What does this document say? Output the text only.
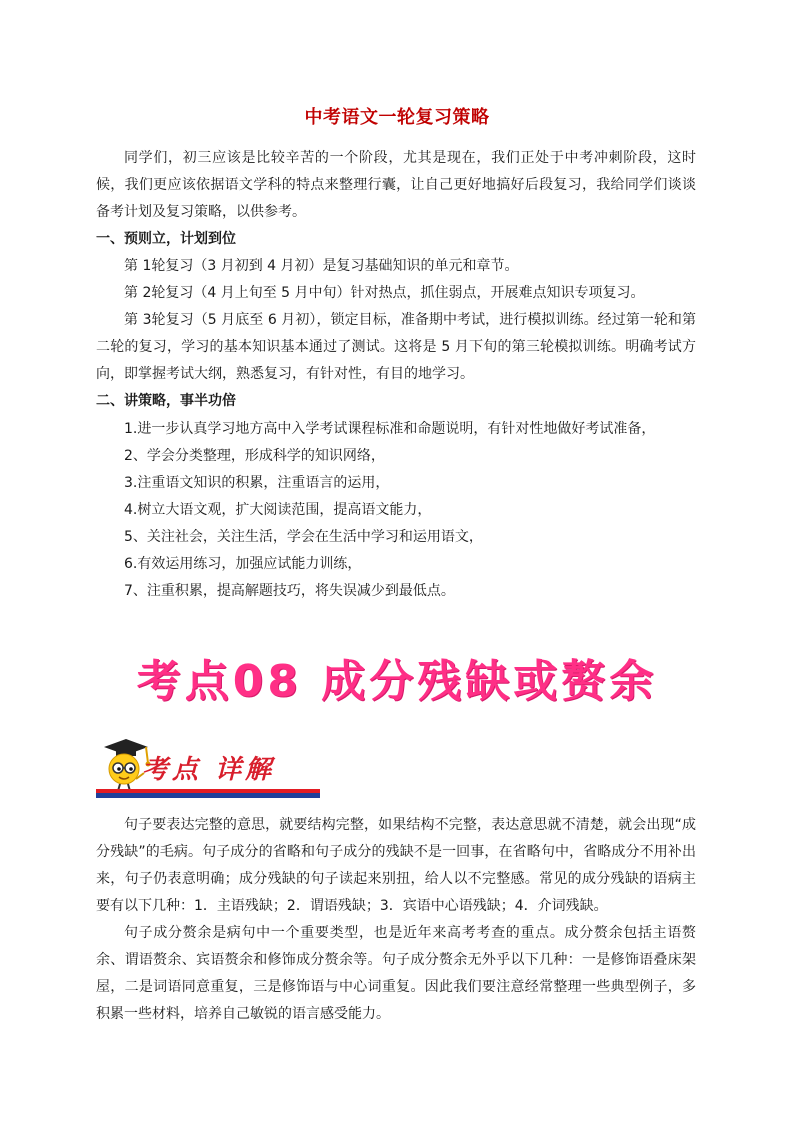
中考语文一轮复习策略

同学们，初三应该是比较辛苦的一个阶段，尤其是现在，我们正处于中考冲刺阶段，这时候，我们更应该依据语文学科的特点来整理行囊，让自己更好地搞好后段复习，我给同学们谈谈备考计划及复习策略，以供参考。

一、预则立，计划到位
第 1轮复习（3 月初到 4 月初）是复习基础知识的单元和章节。
第 2轮复习（4 月上旬至 5 月中旬）针对热点，抓住弱点，开展难点知识专项复习。

第 3轮复习（5 月底至 6 月初），锁定目标，准备期中考试，进行模拟训练。经过第一轮和第二轮的复习，学习的基本知识基本通过了测试。这将是 5 月下旬的第三轮模拟训练。明确考试方向，即掌握考试大纲，熟悉复习，有针对性，有目的地学习。

二、讲策略，事半功倍
1.进一步认真学习地方高中入学考试课程标准和命题说明，有针对性地做好考试准备，
2、学会分类整理，形成科学的知识网络，
3.注重语文知识的积累，注重语言的运用，
4.树立大语文观，扩大阅读范围，提高语文能力，
5、关注社会，关注生活，学会在生活中学习和运用语文，
6.有效运用练习，加强应试能力训练，
7、注重积累，提高解题技巧，将失误减少到最低点。
考点08 成分残缺或赘余
考点 详解

句子要表达完整的意思，就要结构完整，如果结构不完整，表达意思就不清楚，就会出现“成分残缺”的毛病。句子成分的省略和句子成分的残缺不是一回事，在省略句中，省略成分不用补出来，句子仍表意明确；成分残缺的句子读起来别扭，给人以不完整感。常见的成分残缺的语病主要有以下几种：1．主语残缺；2．谓语残缺；3．宾语中心语残缺；4．介词残缺。

句子成分赘余是病句中一个重要类型，也是近年来高考考查的重点。成分赘余包括主语赘余、谓语赘余、宾语赘余和修饰成分赘余等。句子成分赘余无外乎以下几种：一是修饰语叠床架屋，二是词语同意重复，三是修饰语与中心词重复。因此我们要注意经常整理一些典型例子，多积累一些材料，培养自己敏锐的语言感受能力。
